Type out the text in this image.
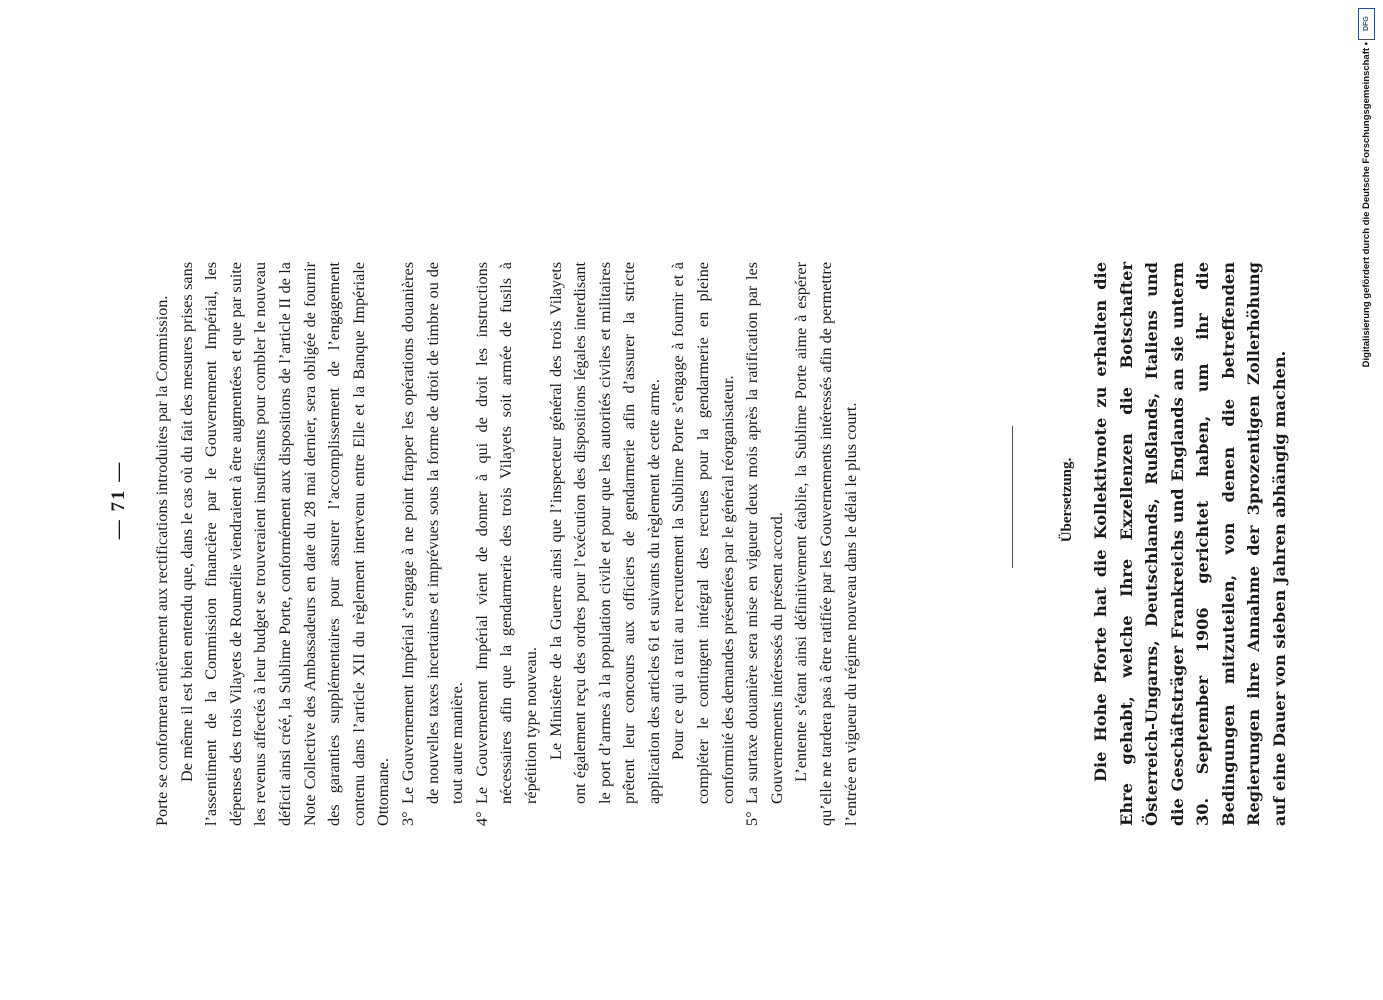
— 71 — Porte se conformera entièrement aux rectifications introduites par la Commission. De même il est bien entendu que, dans le cas où du fait des mesures prises sans l’assentiment de la Commission financière par le Gouvernement Impérial, les dépenses des trois Vilayets de Roumélie viendraient à être augmentées et que par suite les revenus affectés à leur budget se trouveraient insuffisants pour combler le nouveau déficit ainsi créé, la Sublime Porte, conformément aux dispositions de l’article II de la Note Collective des Ambassadeurs en date du 28 mai dernier, sera obligée de fournir des garanties supplémentaires pour assurer l’accomplissement de l’engagement contenu dans l’article XII du règlement intervenu entre Elle et la Banque Impériale Ottomane. 3°
Le Gouvernement Impérial s’engage à ne point frapper les opérations douanières de nouvelles taxes incertaines et imprévues sous la forme de droit de timbre ou de tout autre manière.

4°
Le Gouvernement Impérial vient de donner à qui de droit les instructions nécessaires afin que la gendarmerie des trois Vilayets soit armée de fusils à répétition type nouveau. Le Ministère de la Guerre ainsi que l’inspecteur général des trois Vilayets ont également reçu des ordres pour l’exécution des dispositions légales interdisant le port d’armes à la population civile et pour que les autorités civiles et militaires prêtent leur concours aux officiers de gendarmerie afin d’assurer la stricte application des articles 61 et suivants du règlement de cette arme. Pour ce qui a trait au recrutement la Sublime Porte s’engage à fournir et à compléter le contingent intégral des recrues pour la gendarmerie en pleine conformité des demandes présentées par le général réorganisateur.

5°
La surtaxe douanière sera mise en vigueur deux mois après la ratification par les Gouvernements intéressés du présent accord. L’entente s’étant ainsi définitivement établie, la Sublime Porte aime à espérer qu’elle ne tardera pas à être ratifiée par les Gouvernements intéressés afin de permettre l’entrée en vigueur du régime nouveau dans le délai le plus court.	Übersetzung. Die Hohe Pforte hat die Kollektivnote zu erhalten die Ehre gehabt, welche Ihre Exzellenzen die Botschafter Österreich-Ungarns, Deutschlands, Rußlands, Italiens und die Geschäftsträger Frankreichs und Englands an sie unterm 30. September 1906 gerichtet haben, um ihr die Bedingungen mitzuteilen, von denen die betreffenden Regierungen ihre Annahme der 3prozentigen Zollerhöhung auf eine Dauer von sieben Jahren abhängig machen.

DFG
Digitalisierung gefördert durch die Deutsche Forschungsgemeinschaft •
